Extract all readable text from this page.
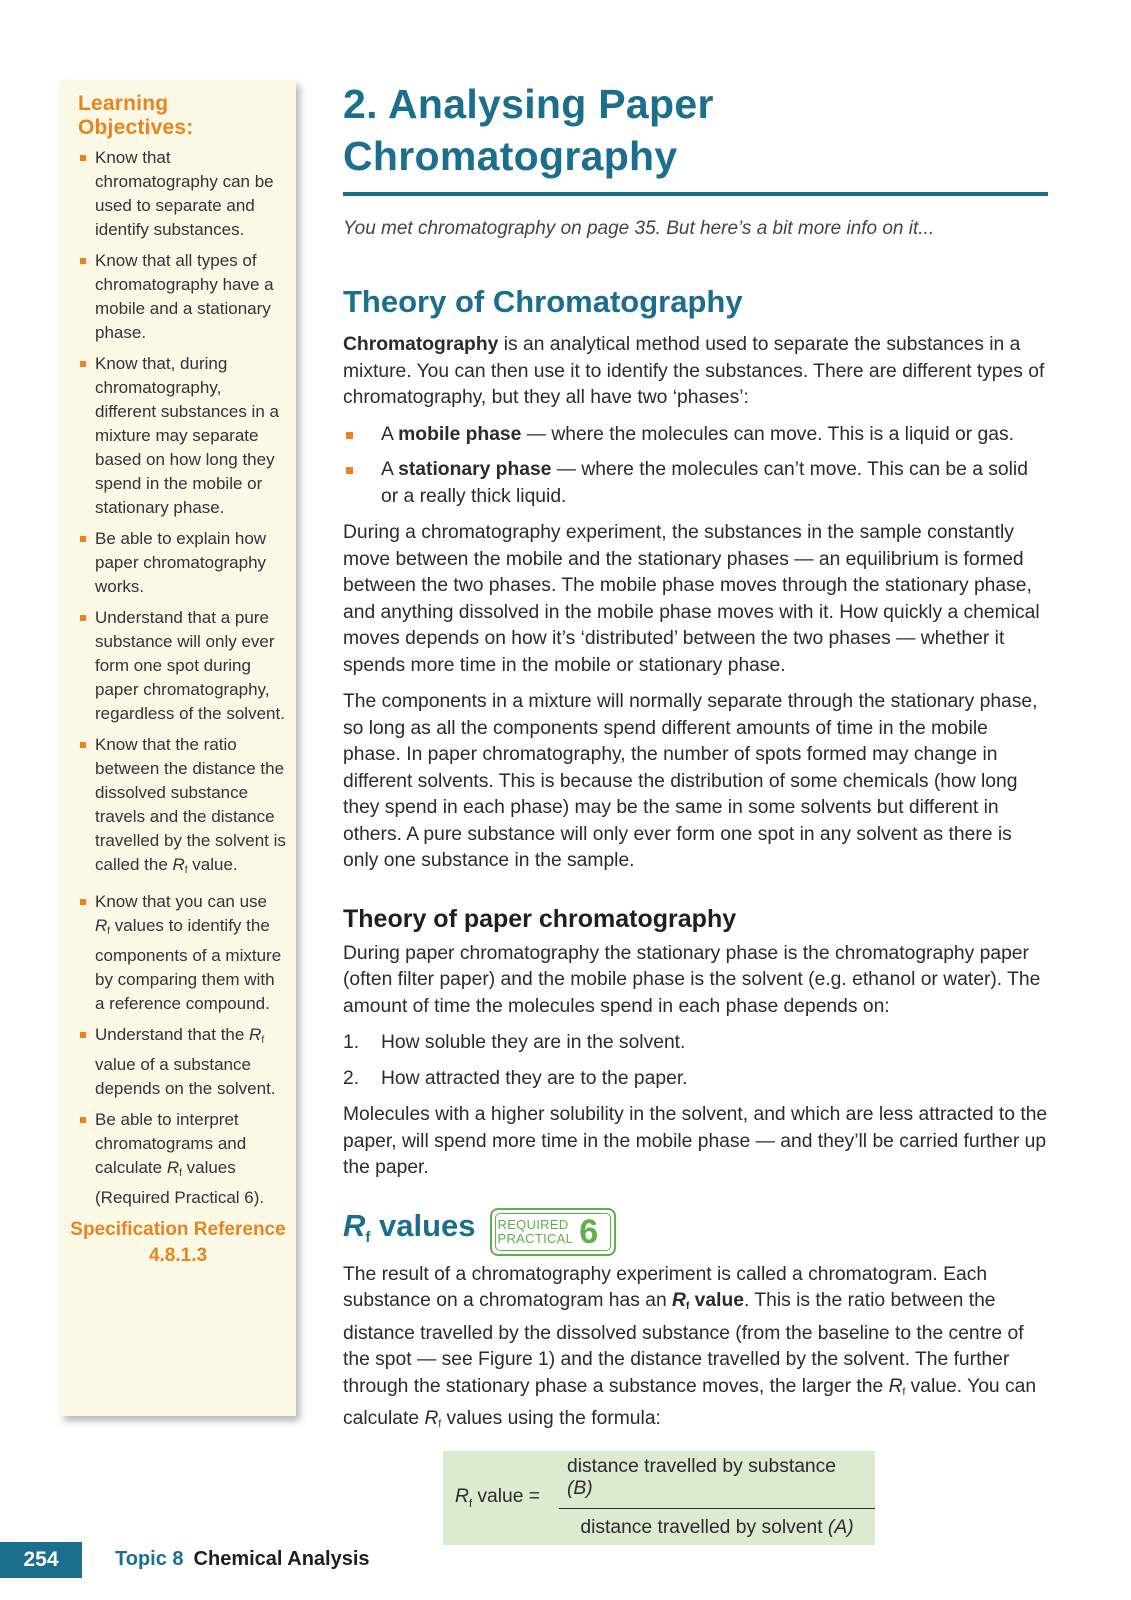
Learning Objectives:
Know that chromatography can be used to separate and identify substances.
Know that all types of chromatography have a mobile and a stationary phase.
Know that, during chromatography, different substances in a mixture may separate based on how long they spend in the mobile or stationary phase.
Be able to explain how paper chromatography works.
Understand that a pure substance will only ever form one spot during paper chromatography, regardless of the solvent.
Know that the ratio between the distance the dissolved substance travels and the distance travelled by the solvent is called the $R_f$ value.
Know that you can use $R_f$ values to identify the components of a mixture by comparing them with a reference compound.
Understand that the $R_f$ value of a substance depends on the solvent.
Be able to interpret chromatograms and calculate $R_f$ values (Required Practical 6).
Specification Reference
4.8.1.3
2. Analysing Paper Chromatography

You met chromatography on page 35. But here’s a bit more info on it...

Theory of Chromatography

Chromatography is an analytical method used to separate the substances in a mixture. You can then use it to identify the substances. There are different types of chromatography, but they all have two ‘phases’:

A mobile phase — where the molecules can move. This is a liquid or gas.
A stationary phase — where the molecules can’t move. This can be a solid or a really thick liquid.

During a chromatography experiment, the substances in the sample constantly move between the mobile and the stationary phases — an equilibrium is formed between the two phases. The mobile phase moves through the stationary phase, and anything dissolved in the mobile phase moves with it. How quickly a chemical moves depends on how it’s ‘distributed’ between the two phases — whether it spends more time in the mobile or stationary phase.

The components in a mixture will normally separate through the stationary phase, so long as all the components spend different amounts of time in the mobile phase. In paper chromatography, the number of spots formed may change in different solvents. This is because the distribution of some chemicals (how long they spend in each phase) may be the same in some solvents but different in others. A pure substance will only ever form one spot in any solvent as there is only one substance in the sample.

Theory of paper chromatography

During paper chromatography the stationary phase is the chromatography paper (often filter paper) and the mobile phase is the solvent (e.g. ethanol or water). The amount of time the molecules spend in each phase depends on:

1.	How soluble they are in the solvent.
2.	How attracted they are to the paper.

Molecules with a higher solubility in the solvent, and which are less attracted to the paper, will spend more time in the mobile phase — and they’ll be carried further up the paper.

$R_f$ values REQUIRED
PRACTICAL 6

The result of a chromatography experiment is called a chromatogram. Each substance on a chromatogram has an $R_f$ value. This is the ratio between the distance travelled by the dissolved substance (from the baseline to the centre of the spot — see Figure 1) and the distance travelled by the solvent. The further through the stationary phase a substance moves, the larger the $R_f$ value. You can calculate $R_f$ values using the formula:

$R_f$ value = $\frac{\text{distance travelled by substance (B)}}{\text{distance travelled by solvent (A)}}$
254	Topic 8 Chemical Analysis
